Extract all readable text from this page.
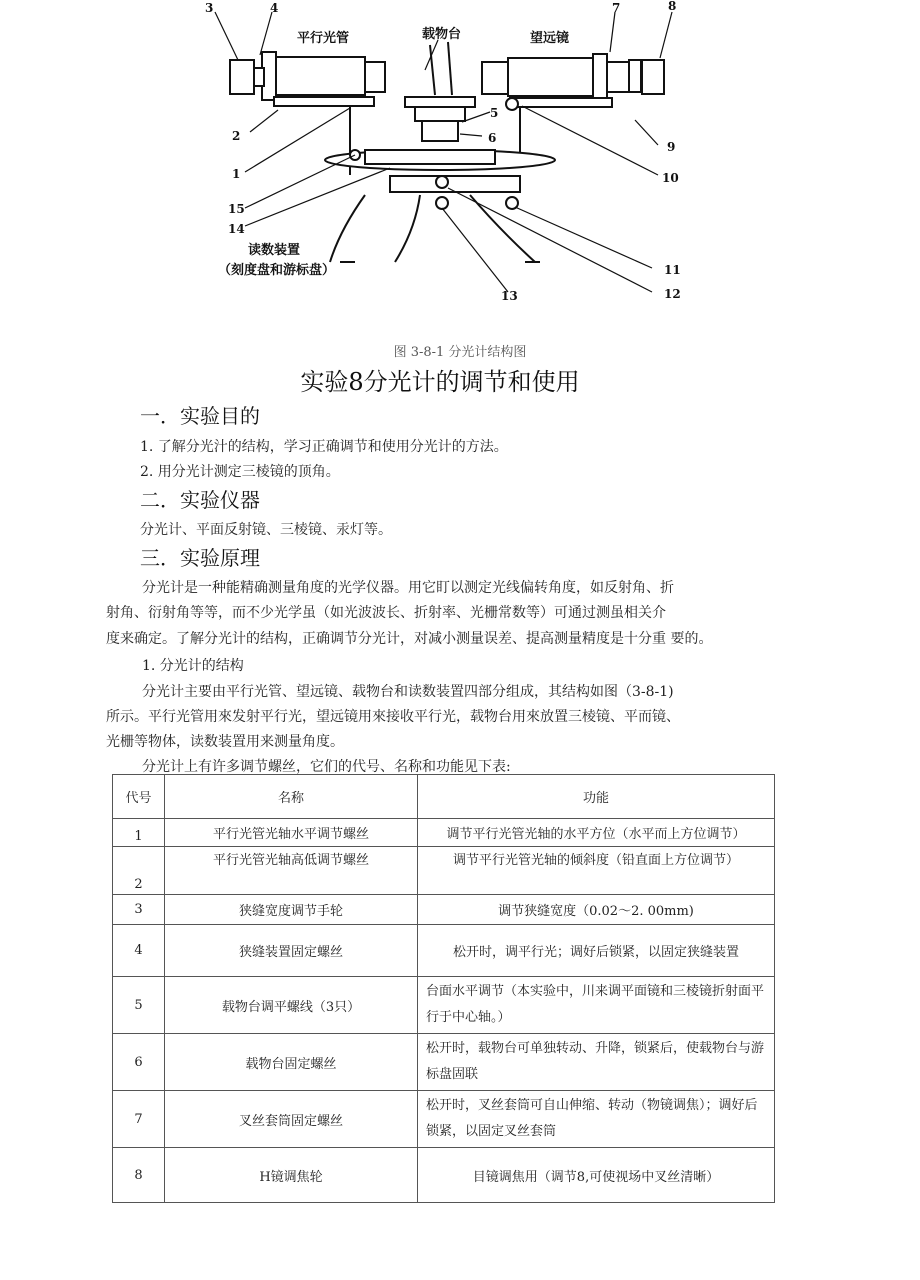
3	4
2
1
15
14
7	8
5
6
9
10
11
12
13
平行光管	载物台	望远镜
读数装置
（刻度盘和游标盘）
图 3-8-1 分光计结构图
实验8分光计的调节和使用
一．实验目的
1. 了解分光汁的结构，学习正确调节和使用分光计的方法。
2. 用分光计测定三棱镜的顶角。
二．实验仪器
分光计、平面反射镜、三棱镜、汞灯等。
三．实验原理
分光计是一种能精确测量角度的光学仪器。用它盯以测定光线偏转角度，如反射角、折
射角、衍射角等等，而不少光学虽（如光波波长、折射率、光栅常数等）可通过测虽相关介
度来确定。了解分光计的结构，正确调节分光计，对减小测量误差、提高测量精度是十分重 要的。
1. 分光计的结构
分光计主要由平行光管、望远镜、载物台和读数装置四部分组成，其结构如图（3-8-1)
所示。平行光管用來发射平行光，望远镜用來接收平行光，载物台用來放置三棱镜、平而镜、
光栅等物体，读数装置用来测量角度。
分光计上有许多调节螺丝，它们的代号、名称和功能见下表:
代号	名称	功能
1	平行光管光轴水平调节螺丝	调节平行光管光轴的水平方位（水平而上方位调节）
2	平行光管光轴高低调节螺丝	调节平行光管光轴的倾斜度（铅直面上方位调节）
3	狭缝宽度调节手轮	调节狭缝宽度（0.02～2. 00mm)
4	狭缝装置固定螺丝	松开时，调平行光；调好后锁紧，以固定狭缝装置
5	载物台调平螺线（3只）	台面水平调节（本实验中，川来调平面镜和三棱镜折射面平行于中心轴。）
6	载物台固定螺丝	松开时，载物台可单独转动、升降，锁紧后，使载物台与游标盘固联
7	叉丝套筒固定螺丝	松开时，叉丝套筒可自山伸缩、转动（物镜调焦）；调好后锁紧，以固定叉丝套筒
8	H镜调焦轮	目镜调焦用（调节8,可使视场中叉丝清晰）
